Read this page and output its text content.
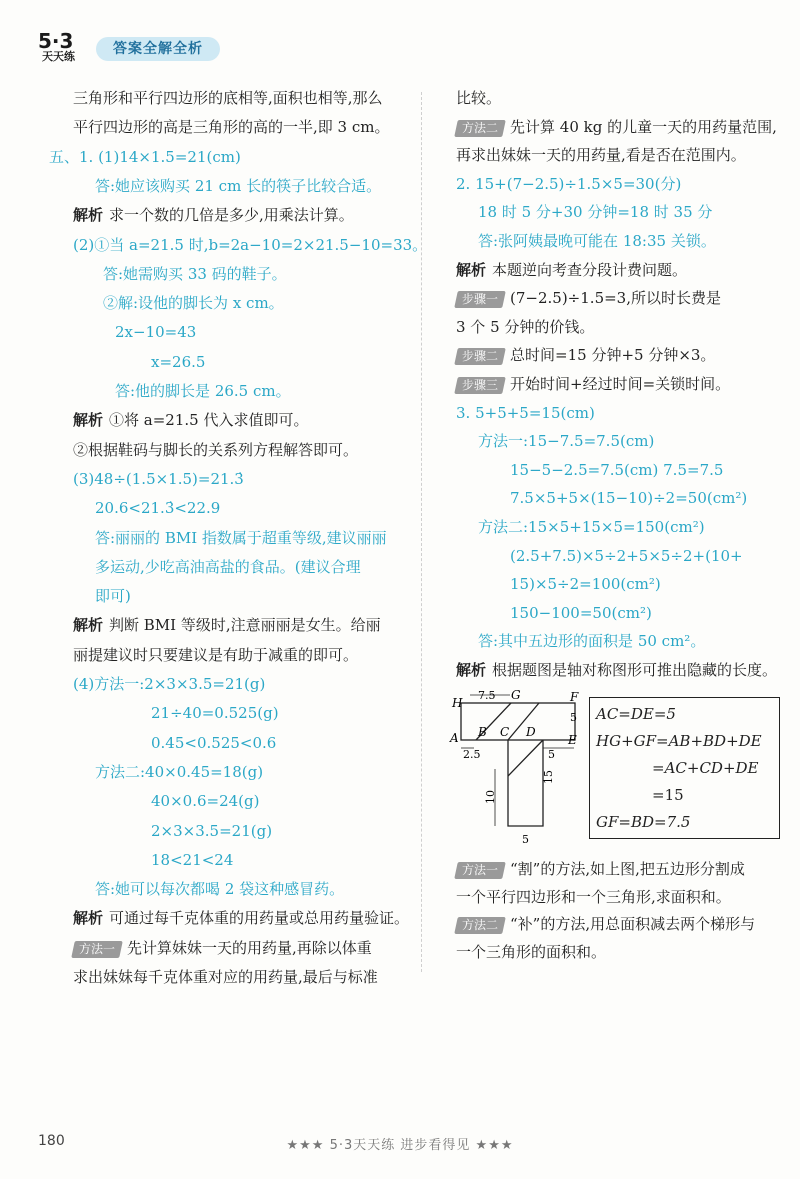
5·3
天天练	答案全解全析
三角形和平行四边形的底相等,面积也相等,那么
平行四边形的高是三角形的高的一半,即 3 cm。
五、1. (1)14×1.5=21(cm)
答:她应该购买 21 cm 长的筷子比较合适。
解析 求一个数的几倍是多少,用乘法计算。
(2)①当 a=21.5 时,b=2a−10=2×21.5−10=33。
答:她需购买 33 码的鞋子。
②解:设他的脚长为 x cm。
2x−10=43
x=26.5
答:他的脚长是 26.5 cm。
解析 ①将 a=21.5 代入求值即可。
②根据鞋码与脚长的关系列方程解答即可。
(3)48÷(1.5×1.5)=21.3̇
20.6<21.3̇<22.9
答:丽丽的 BMI 指数属于超重等级,建议丽丽
多运动,少吃高油高盐的食品。(建议合理
即可)
解析 判断 BMI 等级时,注意丽丽是女生。给丽
丽提建议时只要建议是有助于减重的即可。
(4)方法一:2×3×3.5=21(g)
21÷40=0.525(g)
0.45<0.525<0.6
方法二:40×0.45=18(g)
40×0.6=24(g)
2×3×3.5=21(g)
18<21<24
答:她可以每次都喝 2 袋这种感冒药。
解析 可通过每千克体重的用药量或总用药量验证。
方法一 先计算妹妹一天的用药量,再除以体重
求出妹妹每千克体重对应的用药量,最后与标准
比较。
方法二 先计算 40 kg 的儿童一天的用药量范围,
再求出妹妹一天的用药量,看是否在范围内。
2. 15+(7−2.5)÷1.5×5=30(分)
18 时 5 分+30 分钟=18 时 35 分
答:张阿姨最晚可能在 18:35 关锁。
解析 本题逆向考查分段计费问题。
步骤一 (7−2.5)÷1.5=3,所以时长费是
3 个 5 分钟的价钱。
步骤二 总时间=15 分钟+5 分钟×3。
步骤三 开始时间+经过时间=关锁时间。
3. 5+5+5=15(cm)
方法一:15−7.5=7.5(cm)
15−5−2.5=7.5(cm) 7.5=7.5
7.5×5+5×(15−10)÷2=50(cm²)
方法二:15×5+15×5=150(cm²)
(2.5+7.5)×5÷2+5×5÷2+(10+
15)×5÷2=100(cm²)
150−100=50(cm²)
答:其中五边形的面积是 50 cm²。
解析 根据题图是轴对称图形可推出隐藏的长度。
7.5
5
2.5	5
10
15
5
H
G	F
A B C D
E
AC=DE=5
HG+GF=AB+BD+DE
=AC+CD+DE
=15
GF=BD=7.5
方法一 “割”的方法,如上图,把五边形分割成
一个平行四边形和一个三角形,求面积和。
方法二 “补”的方法,用总面积减去两个梯形与
一个三角形的面积和。
180	★★★ 5·3天天练 进步看得见 ★★★
